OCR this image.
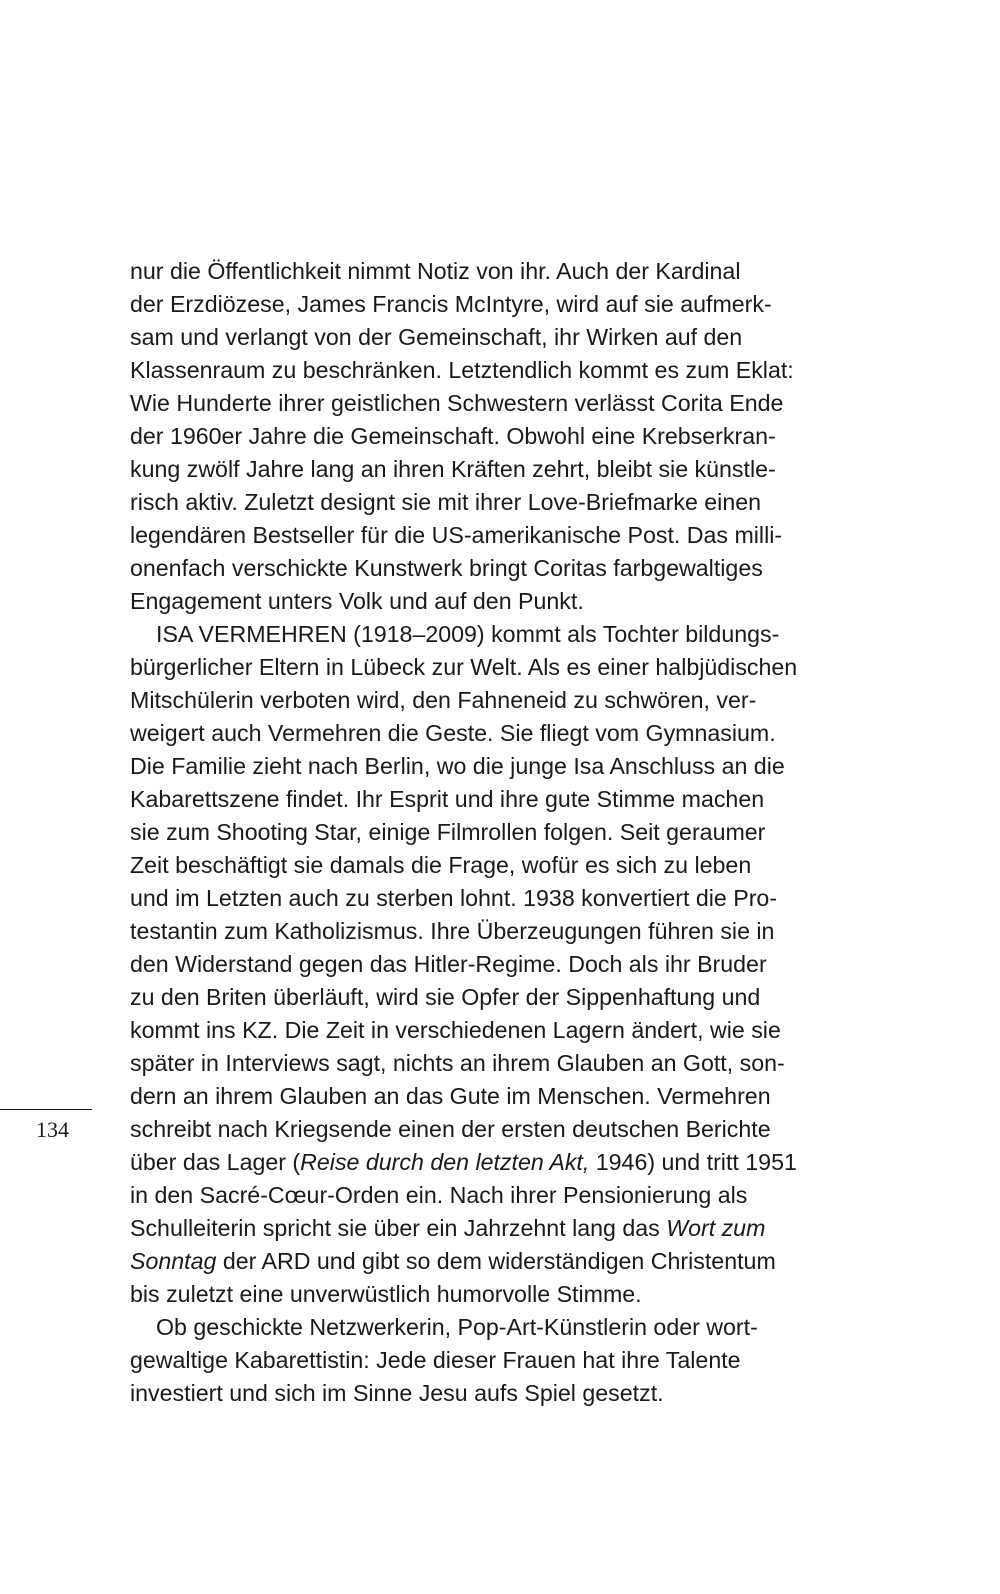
nur die Öffentlichkeit nimmt Notiz von ihr. Auch der Kardinal
der Erzdiözese, James Francis McIntyre, wird auf sie aufmerk-
sam und verlangt von der Gemeinschaft, ihr Wirken auf den
Klassenraum zu beschränken. Letztendlich kommt es zum Eklat:
Wie Hunderte ihrer geistlichen Schwestern verlässt Corita Ende
der 1960er Jahre die Gemeinschaft. Obwohl eine Krebserkran-
kung zwölf Jahre lang an ihren Kräften zehrt, bleibt sie künstle-
risch aktiv. Zuletzt designt sie mit ihrer Love-Briefmarke einen
legendären Bestseller für die US-amerikanische Post. Das milli-
onenfach verschickte Kunstwerk bringt Coritas farbgewaltiges
Engagement unters Volk und auf den Punkt.
ISA VERMEHREN (1918–2009) kommt als Tochter bildungs-
bürgerlicher Eltern in Lübeck zur Welt. Als es einer halbjüdischen
Mitschülerin verboten wird, den Fahneneid zu schwören, ver-
weigert auch Vermehren die Geste. Sie fliegt vom Gymnasium.
Die Familie zieht nach Berlin, wo die junge Isa Anschluss an die
Kabarettszene findet. Ihr Esprit und ihre gute Stimme machen
sie zum Shooting Star, einige Filmrollen folgen. Seit geraumer
Zeit beschäftigt sie damals die Frage, wofür es sich zu leben
und im Letzten auch zu sterben lohnt. 1938 konvertiert die Pro-
testantin zum Katholizismus. Ihre Überzeugungen führen sie in
den Widerstand gegen das Hitler-Regime. Doch als ihr Bruder
zu den Briten überläuft, wird sie Opfer der Sippenhaftung und
kommt ins KZ. Die Zeit in verschiedenen Lagern ändert, wie sie
später in Interviews sagt, nichts an ihrem Glauben an Gott, son-
dern an ihrem Glauben an das Gute im Menschen. Vermehren
schreibt nach Kriegsende einen der ersten deutschen Berichte
über das Lager (Reise durch den letzten Akt, 1946) und tritt 1951
in den Sacré-Cœur-Orden ein. Nach ihrer Pensionierung als
Schulleiterin spricht sie über ein Jahrzehnt lang das Wort zum
Sonntag der ARD und gibt so dem widerständigen Christentum
bis zuletzt eine unverwüstlich humorvolle Stimme.
Ob geschickte Netzwerkerin, Pop-Art-Künstlerin oder wort-
gewaltige Kabarettistin: Jede dieser Frauen hat ihre Talente
investiert und sich im Sinne Jesu aufs Spiel gesetzt.
134
